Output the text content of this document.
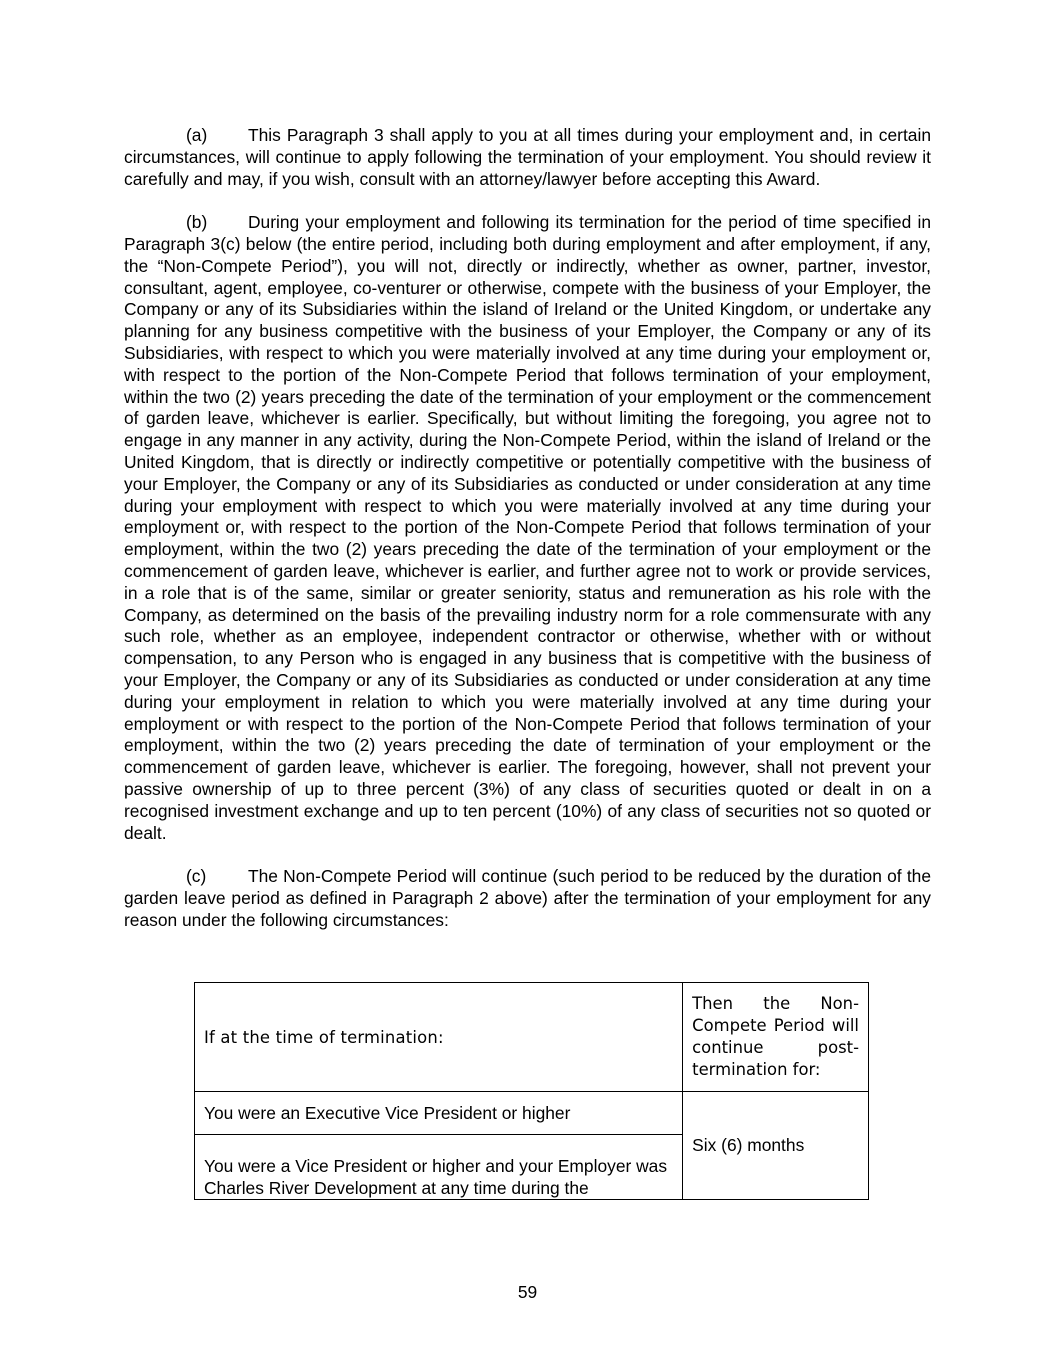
(a) This Paragraph 3 shall apply to you at all times during your employment and, in certain circumstances, will continue to apply following the termination of your employment. You should review it carefully and may, if you wish, consult with an attorney/lawyer before accepting this Award.

(b) During your employment and following its termination for the period of time specified in Paragraph 3(c) below (the entire period, including both during employment and after employment, if any, the “Non-Compete Period”), you will not, directly or indirectly, whether as owner, partner, investor, consultant, agent, employee, co-venturer or otherwise, compete with the business of your Employer, the Company or any of its Subsidiaries within the island of Ireland or the United Kingdom, or undertake any planning for any business competitive with the business of your Employer, the Company or any of its Subsidiaries, with respect to which you were materially involved at any time during your employment or, with respect to the portion of the Non-Compete Period that follows termination of your employment, within the two (2) years preceding the date of the termination of your employment or the commencement of garden leave, whichever is earlier. Specifically, but without limiting the foregoing, you agree not to engage in any manner in any activity, during the Non-Compete Period, within the island of Ireland or the United Kingdom, that is directly or indirectly competitive or potentially competitive with the business of your Employer, the Company or any of its Subsidiaries as conducted or under consideration at any time during your employment with respect to which you were materially involved at any time during your employment or, with respect to the portion of the Non-Compete Period that follows termination of your employment, within the two (2) years preceding the date of the termination of your employment or the commencement of garden leave, whichever is earlier, and further agree not to work or provide services, in a role that is of the same, similar or greater seniority, status and remuneration as his role with the Company, as determined on the basis of the prevailing industry norm for a role commensurate with any such role, whether as an employee, independent contractor or otherwise, whether with or without compensation, to any Person who is engaged in any business that is competitive with the business of your Employer, the Company or any of its Subsidiaries as conducted or under consideration at any time during your employment in relation to which you were materially involved at any time during your employment or with respect to the portion of the Non-Compete Period that follows termination of your employment, within the two (2) years preceding the date of termination of your employment or the commencement of garden leave, whichever is earlier. The foregoing, however, shall not prevent your passive ownership of up to three percent (3%) of any class of securities quoted or dealt in on a recognised investment exchange and up to ten percent (10%) of any class of securities not so quoted or dealt.

(c) The Non-Compete Period will continue (such period to be reduced by the duration of the garden leave period as defined in Paragraph 2 above) after the termination of your employment for any reason under the following circumstances:

If at the time of termination:	Then the Non-Compete Period will continue post-termination for:
You were an Executive Vice President or higher	Six (6) months

You were a Vice President or higher and your Employer was Charles River Development at any time during the	
59
